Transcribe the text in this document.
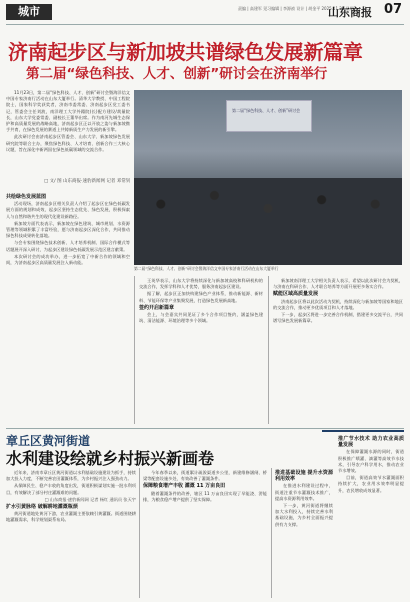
城市	责编 | 高建军 见习编辑 | 李源祯 设计 | 胡金平 2025.11.25 星期二
山东商报 07
济南起步区与新加坡共谱绿色发展新篇章
第二届“绿色科技、人才、创新”研讨会在济南举行

11月23日，第二届“绿色科技、人才、创新”研讨会暨海洋信文中国专家济南行活动在山东大厦举行。清华大学教授、中国工程院院士，国家科学奖获奖者，济南市委常委、济南起步区党工委书记，管委会主任刘波，南洋理工大学外籍院(长)配方建设/裁量院长，山东大学党委常委、副校长王董华出席。作为南河先城生态保护和高质量发展的战略高地，济南起步区正以开放之姿与新加坡携手共育，在绿色发展的赛道上共铸新质生产力发展的新引擎。

此次研讨会由济南起步区管委会、山东大学、新加坡绿色发展研究院等联合主办，聚焦绿色科技、人才培育、创新合作三大核心议题，旨在深化中新两国在绿色低碳领域的交流合作。

□ 文/ 图 山东商报·速豹新闻网 记者 邓常钊
第二届“绿色科技、人才、创新”研讨会
第二届“绿色科技、人才、创新”研讨会暨海洋信文中国专家济南行活动在山东大厦举行

共绘绿色发展蓝图

活动现场，济南起步区相关负责人介绍了起步区在绿色低碳发展方面的规划和成效，起步区坚持生态优先、绿色发展，积极探索人与自然和谐共生的现代化建设新路径。

新加坡方面代表表示，新加坡在绿色建筑、城市规划、水资源管理等领域积累了丰富经验，愿与济南起步区深化合作，共同推动绿色科技成果转化落地。

与会专家围绕绿色技术创新、人才培养机制、国际合作模式等话题展开深入研讨，为起步区建设绿色低碳发展示范区建言献策。

本次研讨会的成功举办，进一步拓宽了中新合作的领域和空间，为济南起步区高质量发展注入新动能。

王英华表示，山东大学将持续深化与新加坡高校和科研机构的交流合作，发挥学科和人才优势，服务济南起步区建设。

据了解，起步区正加快构建绿色产业体系，推动新能源、新材料、节能环保等产业集聚发展，打造绿色发展新高地。

签约开启新篇章

会上，与会嘉宾共同见证了多个合作项目签约，涵盖绿色建筑、清洁能源、环境治理等多个领域。

新加坡南洋理工大学相关负责人表示，希望以此次研讨会为契机，与济南在科研合作、人才联合培养等方面开展更多务实合作。

赋能区域高质量发展

济南起步区将以此次活动为契机，持续深化与新加坡等国家和地区的交流合作，推动更多优质项目和人才落地。

下一步，起步区将进一步完善合作机制，搭建更多交流平台，共同谱写绿色发展新篇章。

章丘区黄河街道
水利建设绘就乡村振兴新画卷

近年来，济南市章丘区黄河街道以水利基础设施建设为抓手，持续加大投入力度，不断完善农田灌溉体系，为乡村振兴注入强劲动力。

从保障民生、稳产丰收的角度出发，街道积极谋划实施一批水利项目，有效解决了部分村庄灌溉难的问题。

□ 山东商报·速豹新闻网 记者 杨红 通讯员 张天宇

扩水引黄脉络 破解耕地灌溉瓶颈

黄河街道地处黄河下游，农业灌溉主要依赖引黄灌溉。街道围绕耕地灌溉需求，科学规划渠系布局。

今年春季以来，街道累计疏浚渠道多公里，新建维修涵闸、桥梁等配套设施多处，有效改善了灌溉条件。

保障粮食增产丰收 灌溉 11 万亩良田

随着灌溉条件的改善，辖区 11 万亩良田实现了旱能浇、涝能排，为粮食稳产增产提供了坚实保障。

推进基础设施 提升水资源利用效率

在推进水利建设过程中，街道注重节水灌溉技术推广，提高水资源利用效率。

下一步，黄河街道将继续加大水利投入，持续完善水利基础设施，为乡村全面振兴提供有力支撑。

推广节水技术 助力农业高质量发展

在保障灌溉水源的同时，街道积极推广喷灌、滴灌等高效节水技术，引导农户科学用水，推动农业节水增效。

目前，街道高效节水灌溉面积持续扩大，农业用水效率明显提升，农民增收成效显著。
